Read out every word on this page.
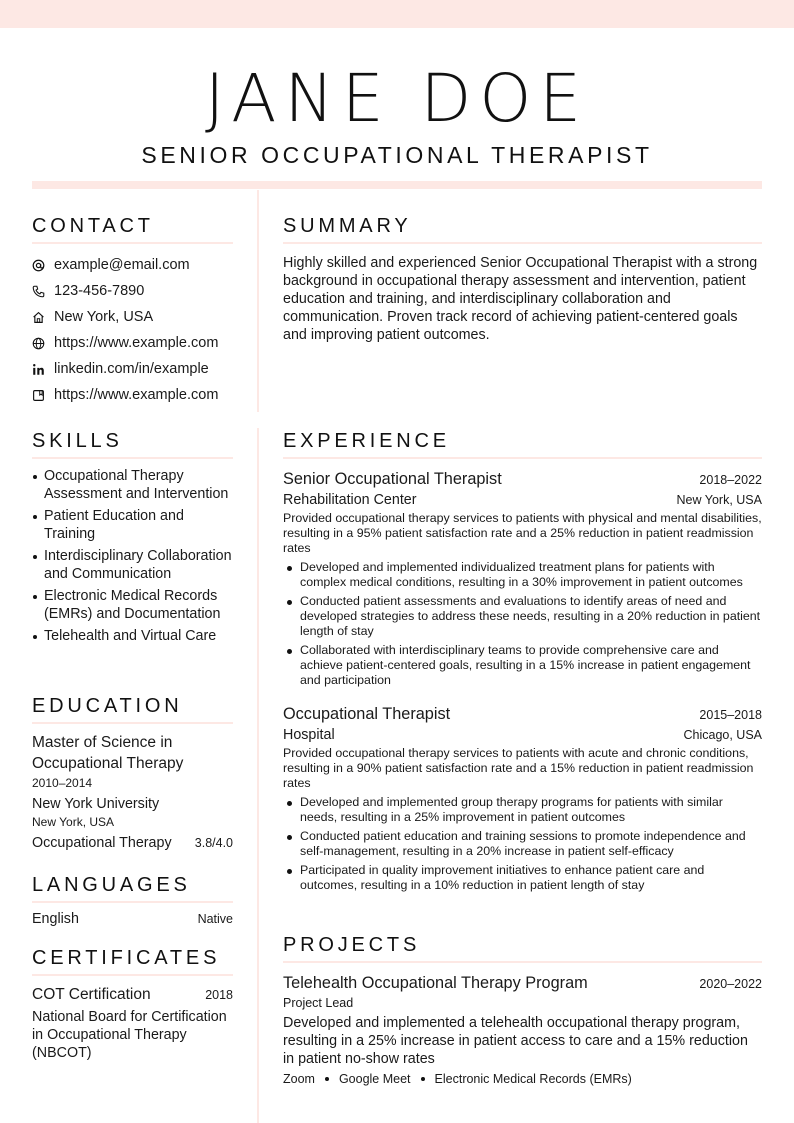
JANE DOE
SENIOR OCCUPATIONAL THERAPIST
CONTACT
example@email.com
123-456-7890
New York, USA
https://www.example.com
linkedin.com/in/example
https://www.example.com
SUMMARY

Highly skilled and experienced Senior Occupational Therapist with a strong background in occupational therapy assessment and intervention, patient education and training, and interdisciplinary collaboration and communication. Proven track record of achieving patient-centered goals and improving patient outcomes.

SKILLS
Occupational Therapy Assessment and Intervention
Patient Education and Training
Interdisciplinary Collaboration and Communication
Electronic Medical Records (EMRs) and Documentation
Telehealth and Virtual Care
EDUCATION
Master of Science in Occupational Therapy
2010–2014
New York University
New York, USA
Occupational Therapy 3.8/4.0
LANGUAGES
English	Native
CERTIFICATES
COT Certification	2018
National Board for Certification in Occupational Therapy (NBCOT)
EXPERIENCE
Senior Occupational Therapist	2018–2022
Rehabilitation Center	New York, USA

Provided occupational therapy services to patients with physical and mental disabilities, resulting in a 95% patient satisfaction rate and a 25% reduction in patient readmission rates

Developed and implemented individualized treatment plans for patients with complex medical conditions, resulting in a 30% improvement in patient outcomes
Conducted patient assessments and evaluations to identify areas of need and developed strategies to address these needs, resulting in a 20% reduction in patient length of stay
Collaborated with interdisciplinary teams to provide comprehensive care and achieve patient-centered goals, resulting in a 15% increase in patient engagement and participation
Occupational Therapist	2015–2018
Hospital	Chicago, USA

Provided occupational therapy services to patients with acute and chronic conditions, resulting in a 90% patient satisfaction rate and a 15% reduction in patient readmission rates

Developed and implemented group therapy programs for patients with similar needs, resulting in a 25% improvement in patient outcomes
Conducted patient education and training sessions to promote independence and self-management, resulting in a 20% increase in patient self-efficacy
Participated in quality improvement initiatives to enhance patient care and outcomes, resulting in a 10% reduction in patient length of stay
PROJECTS
Telehealth Occupational Therapy Program	2020–2022
Project Lead

Developed and implemented a telehealth occupational therapy program, resulting in a 25% increase in patient access to care and a 15% reduction in patient no-show rates

Zoom Google Meet Electronic Medical Records (EMRs)
